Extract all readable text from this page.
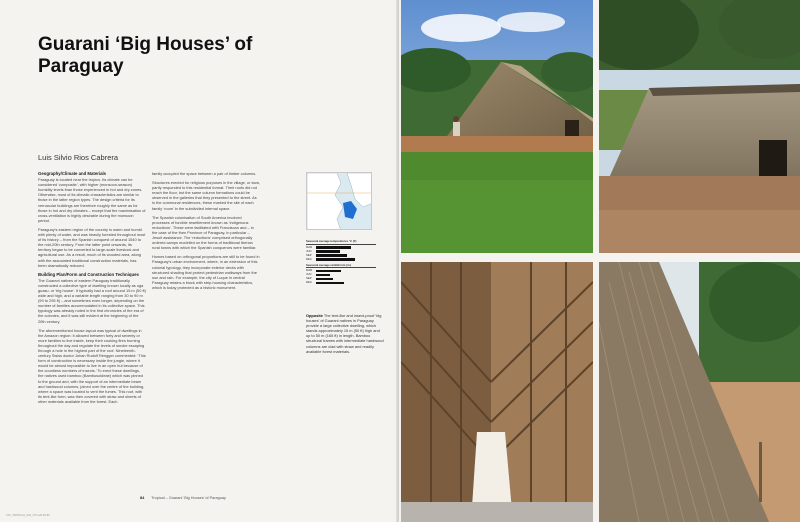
Guarani ‘Big Houses’ of Paraguay
Luis Silvio Rios Cabrera
Geography/Climate and Materials

Paraguay is located near the tropics. Its climate can be considered ‘composite’, with higher (monsoon-season) humidity levels than those experienced in hot and dry zones. Otherwise, most of its climatic characteristics are similar to those in the latter region types. The design criteria for its vernacular buildings are therefore roughly the same as for those in hot and dry climates – except that the maximisation of cross-ventilation is highly desirable during the monsoon period.

Paraguay’s eastern region of the country is warm and humid with plenty of water, and was heavily forested throughout most of its history – from the Spanish conquest of around 1540 to the mid-20th century. From the latter point onwards, its territory began to be converted to large-scale livestock and agricultural use. As a result, much of its wooded area, along with the associated traditional construction materials, has been dramatically reduced.

Building Plan/Form and Construction Techniques

The Guarani natives of eastern Paraguay traditionally constructed a collective type of dwelling known locally as oga guasu, or ‘big house’. It typically had a roof around 15 m (50 ft) wide and high, and a variable length ranging from 30 to 90 m (99 to 295 ft) – and sometimes even longer, depending on the number of families accommodated in its collective space. This typology was already noted in the first chronicles of the era of the colonies, and it was still evident at the beginning of the 20th century.

The aforementioned house layout was typical of dwellings in the Amazon region: it allowed between forty and seventy or more families to live inside, keep their cooking fires burning throughout the day and regulate the levels of smoke escaping through a hole in the highest part of the roof. Nineteenth-century Swiss doctor Johan Rudolf Rengger commented: ‘This form of construction is necessary inside the jungle, where it would be almost impossible to live in an open hut because of the countless numbers of insects.’ To erect these dwellings, the natives used bamboo (Bambusoideae) which was pinned to the ground and, with the support of an intermediate beam and hardwood columns, joined over the centre of the building, where a space was located to vent the fumes. This roof, with its tent-like form, was then covered with straw and sheets of other materials available from the forest. Each

family occupied the space between a pair of timber columns.

Structures erected for religious purposes in the village, or tava, partly responded to this residential format. Their roofs did not reach the floor, but the same column formations could be observed in the galleries that they presented to the street. As in the communal residences, these marked the site of each family ‘room’ in the subdivided internal space.

The Spanish colonisation of South America involved processes of forcible resettlement known as ‘indigenous reductions’. These were facilitated with Franciscan and – in the case of the then Province of Paraguay, in particular – Jesuit assistance. The ‘reductions’ comprised orthogonally ordered camps modelled on the forms of traditional Iberian rural towns with which the Spanish conquerors were familiar.

Homes based on orthogonal proportions are still to be found in Paraguay’s urban environment, where, in an extension of this colonial typology, they incorporate exterior decks with structured shading that protect pedestrian walkways from the sun and rain. For example, the city of Luque in central Paraguay retains a block with strip-housing characteristics, which is today protected as a historic monument.

Seasonal average temperatures °C (F)
MAR
JUN
SEP
DEC
Seasonal average rainfall mm (in.)
MAR
JUN
SEP
DEC
Opposite The tent-like and insect-proof ‘big houses’ of Guarani natives in Paraguay provide a large collective dwelling, which stands approximately 15 m (50 ft) high and up to 50 m (165 ft) in length. Bamboo structural frames with intermediate hardwood columns are clad with straw and readily available forest materials.
84 Tropical – Guarani ‘Big Houses’ of Paraguay
Chh_TROPICAL_004_173.indd 84-85
